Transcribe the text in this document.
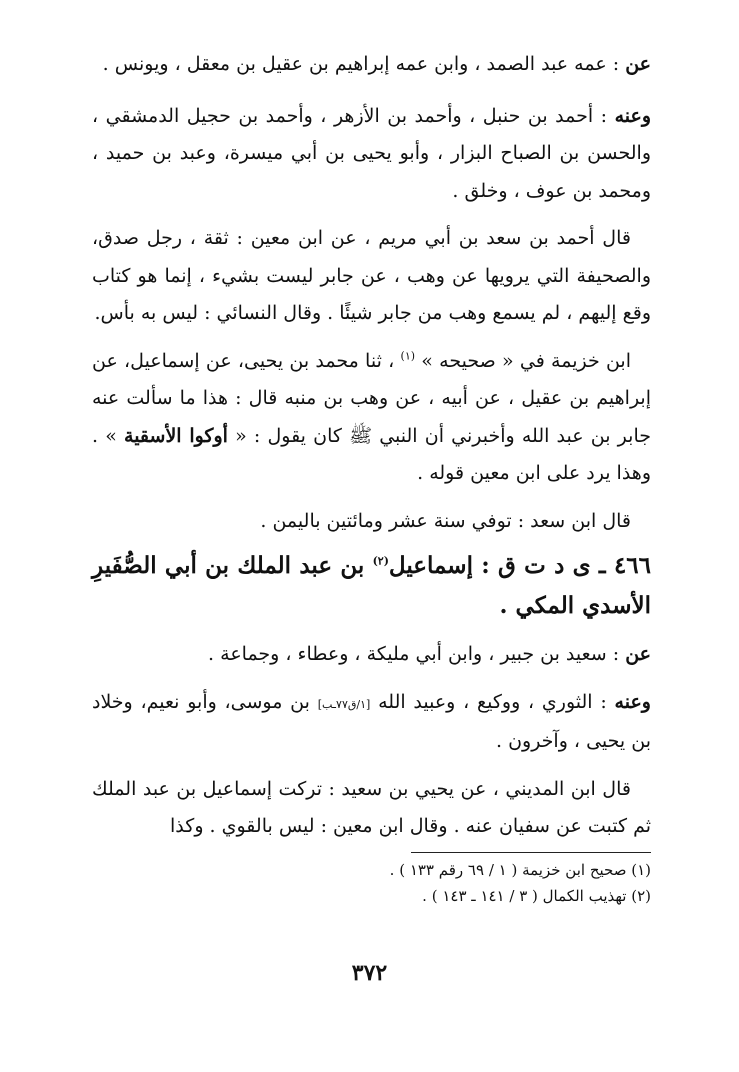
عن : عمه عبد الصمد ، وابن عمه إبراهيم بن عقيل بن معقل ، ويونس .

وعنه : أحمد بن حنبل ، وأحمد بن الأزهر ، وأحمد بن حجيل الدمشقي ، والحسن بن الصباح البزار ، وأبو يحيى بن أبي ميسرة، وعبد بن حميد ، ومحمد بن عوف ، وخلق .

قال أحمد بن سعد بن أبي مريم ، عن ابن معين : ثقة ، رجل صدق، والصحيفة التي يرويها عن وهب ، عن جابر ليست بشيء ، إنما هو كتاب وقع إليهم ، لم يسمع وهب من جابر شيئًا . وقال النسائي : ليس به بأس.

ابن خزيمة في « صحيحه » $^{(١)}$ ، ثنا محمد بن يحيى، عن إسماعيل، عن إبراهيم بن عقيل ، عن أبيه ، عن وهب بن منبه قال : هذا ما سألت عنه جابر بن عبد الله وأخبرني أن النبي ﷺ كان يقول : « أوكوا الأسقية » . وهذا يرد على ابن معين قوله .

قال ابن سعد : توفي سنة عشر ومائتين باليمن .

٤٦٦ ـ ى د ت ق : إسماعيل$^{(٢)}$ بن عبد الملك بن أبي الصُّفَيرِ الأسدي المكي .

عن : سعيد بن جبير ، وابن أبي مليكة ، وعطاء ، وجماعة .

وعنه : الثوري ، ووكيع ، وعبيد الله [١/ق٧٧ـب] بن موسى، وأبو نعيم، وخلاد بن يحيى ، وآخرون .

قال ابن المديني ، عن يحيي بن سعيد : تركت إسماعيل بن عبد الملك ثم كتبت عن سفيان عنه . وقال ابن معين : ليس بالقوي . وكذا

(١) صحيح ابن خزيمة ( ١ / ٦٩ رقم ١٣٣ ) .

(٢) تهذيب الكمال ( ٣ / ١٤١ ـ ١٤٣ ) .

٣٧٢
